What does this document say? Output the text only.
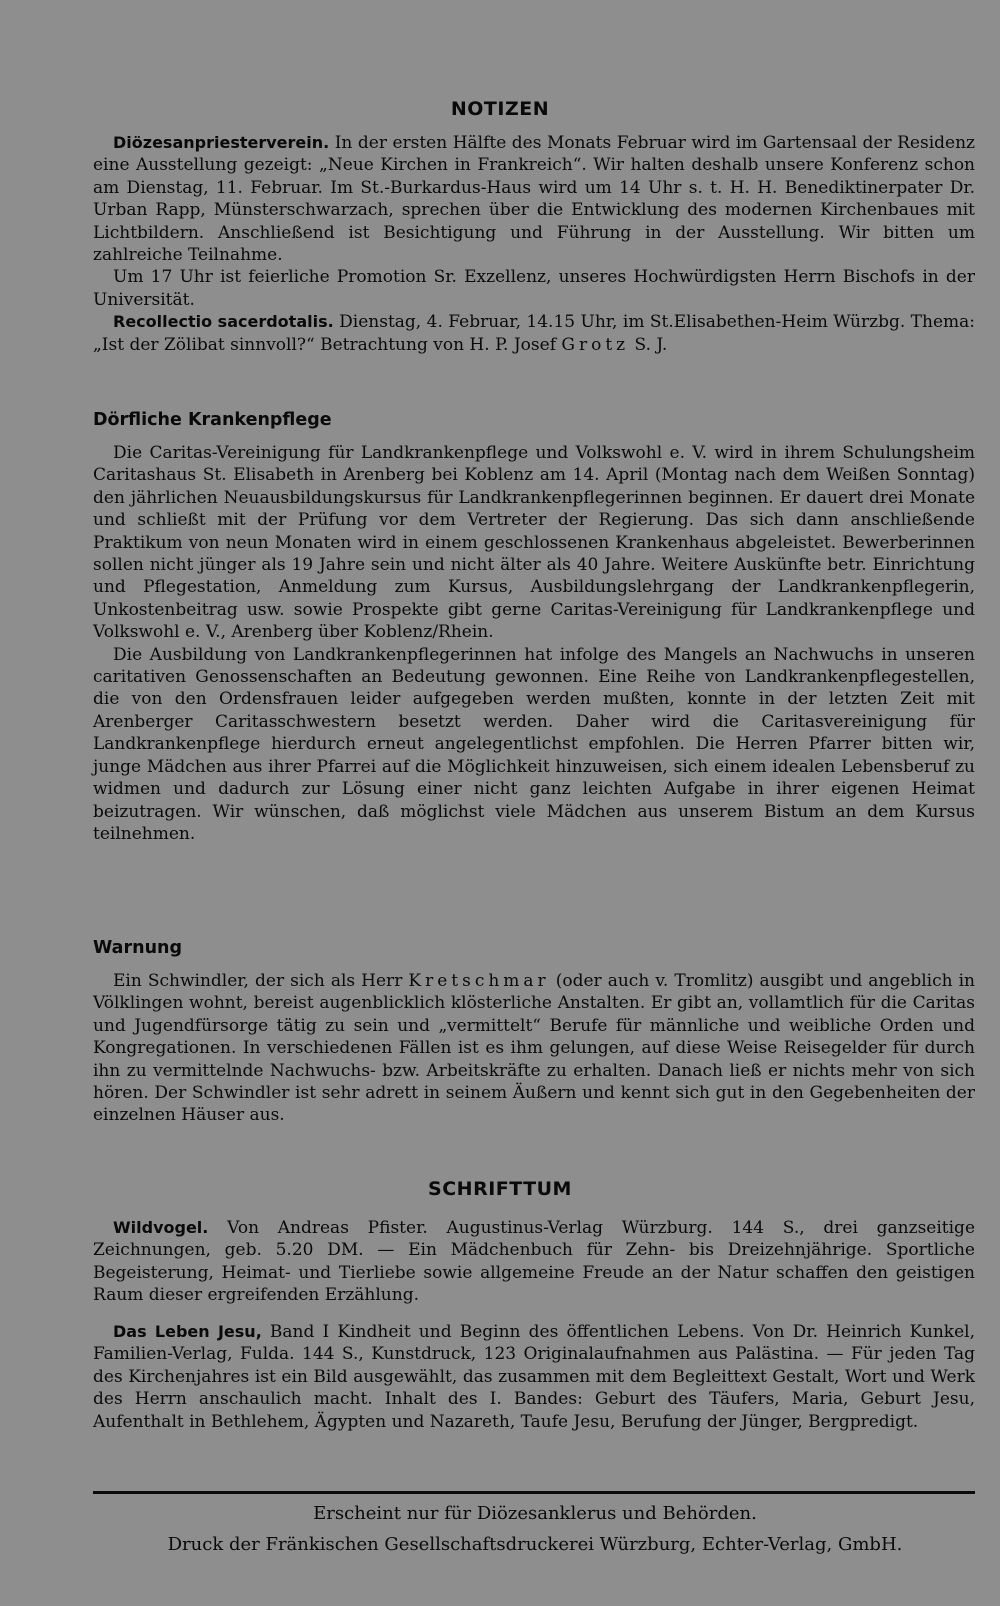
NOTIZEN

Diözesanpriesterverein. In der ersten Hälfte des Monats Februar wird im Gartensaal der Residenz eine Ausstellung gezeigt: „Neue Kirchen in Frankreich“. Wir halten deshalb unsere Konferenz schon am Dienstag, 11. Februar. Im St.-Burkardus-Haus wird um 14 Uhr s. t. H. H. Benediktinerpater Dr. Urban Rapp, Münsterschwarzach, sprechen über die Entwicklung des modernen Kirchenbaues mit Lichtbildern. Anschließend ist Besichtigung und Führung in der Ausstellung. Wir bitten um zahlreiche Teilnahme.

Um 17 Uhr ist feierliche Promotion Sr. Exzellenz, unseres Hochwürdigsten Herrn Bischofs in der Universität.

Recollectio sacerdotalis. Dienstag, 4. Februar, 14.15 Uhr, im St.Elisabethen-Heim Würzbg. Thema: „Ist der Zölibat sinnvoll?“ Betrachtung von H. P. Josef Grotz S. J.

Dörfliche Krankenpflege

Die Caritas-Vereinigung für Landkrankenpflege und Volkswohl e. V. wird in ihrem Schulungsheim Caritashaus St. Elisabeth in Arenberg bei Koblenz am 14. April (Montag nach dem Weißen Sonntag) den jährlichen Neuausbildungskursus für Landkrankenpflegerinnen beginnen. Er dauert drei Monate und schließt mit der Prüfung vor dem Vertreter der Regierung. Das sich dann anschließende Praktikum von neun Monaten wird in einem geschlossenen Krankenhaus abgeleistet. Bewerberinnen sollen nicht jünger als 19 Jahre sein und nicht älter als 40 Jahre. Weitere Auskünfte betr. Einrichtung und Pflegestation, Anmeldung zum Kursus, Ausbildungslehrgang der Landkrankenpflegerin, Unkostenbeitrag usw. sowie Prospekte gibt gerne Caritas-Vereinigung für Landkrankenpflege und Volkswohl e. V., Arenberg über Koblenz/Rhein.

Die Ausbildung von Landkrankenpflegerinnen hat infolge des Mangels an Nachwuchs in unseren caritativen Genossenschaften an Bedeutung gewonnen. Eine Reihe von Landkrankenpflegestellen, die von den Ordensfrauen leider aufgegeben werden mußten, konnte in der letzten Zeit mit Arenberger Caritasschwestern besetzt werden. Daher wird die Caritasvereinigung für Landkrankenpflege hierdurch erneut angelegentlichst empfohlen. Die Herren Pfarrer bitten wir, junge Mädchen aus ihrer Pfarrei auf die Möglichkeit hinzuweisen, sich einem idealen Lebensberuf zu widmen und dadurch zur Lösung einer nicht ganz leichten Aufgabe in ihrer eigenen Heimat beizutragen. Wir wünschen, daß möglichst viele Mädchen aus unserem Bistum an dem Kursus teilnehmen.

Warnung

Ein Schwindler, der sich als Herr Kretschmar (oder auch v. Tromlitz) ausgibt und angeblich in Völklingen wohnt, bereist augenblicklich klösterliche Anstalten. Er gibt an, vollamtlich für die Caritas und Jugendfürsorge tätig zu sein und „vermittelt“ Berufe für männliche und weibliche Orden und Kongregationen. In verschiedenen Fällen ist es ihm gelungen, auf diese Weise Reisegelder für durch ihn zu vermittelnde Nachwuchs- bzw. Arbeitskräfte zu erhalten. Danach ließ er nichts mehr von sich hören. Der Schwindler ist sehr adrett in seinem Äußern und kennt sich gut in den Gegebenheiten der einzelnen Häuser aus.

SCHRIFTTUM

Wildvogel. Von Andreas Pfister. Augustinus-Verlag Würzburg. 144 S., drei ganzseitige Zeichnungen, geb. 5.20 DM. — Ein Mädchenbuch für Zehn- bis Dreizehnjährige. Sportliche Begeisterung, Heimat- und Tierliebe sowie allgemeine Freude an der Natur schaffen den geistigen Raum dieser ergreifenden Erzählung.

Das Leben Jesu, Band I Kindheit und Beginn des öffentlichen Lebens. Von Dr. Heinrich Kunkel, Familien-Verlag, Fulda. 144 S., Kunstdruck, 123 Originalaufnahmen aus Palästina. — Für jeden Tag des Kirchenjahres ist ein Bild ausgewählt, das zusammen mit dem Begleittext Gestalt, Wort und Werk des Herrn anschaulich macht. Inhalt des I. Bandes: Geburt des Täufers, Maria, Geburt Jesu, Aufenthalt in Bethlehem, Ägypten und Nazareth, Taufe Jesu, Berufung der Jünger, Bergpredigt.

Erscheint nur für Diözesanklerus und Behörden.
Druck der Fränkischen Gesellschaftsdruckerei Würzburg, Echter-Verlag, GmbH.
